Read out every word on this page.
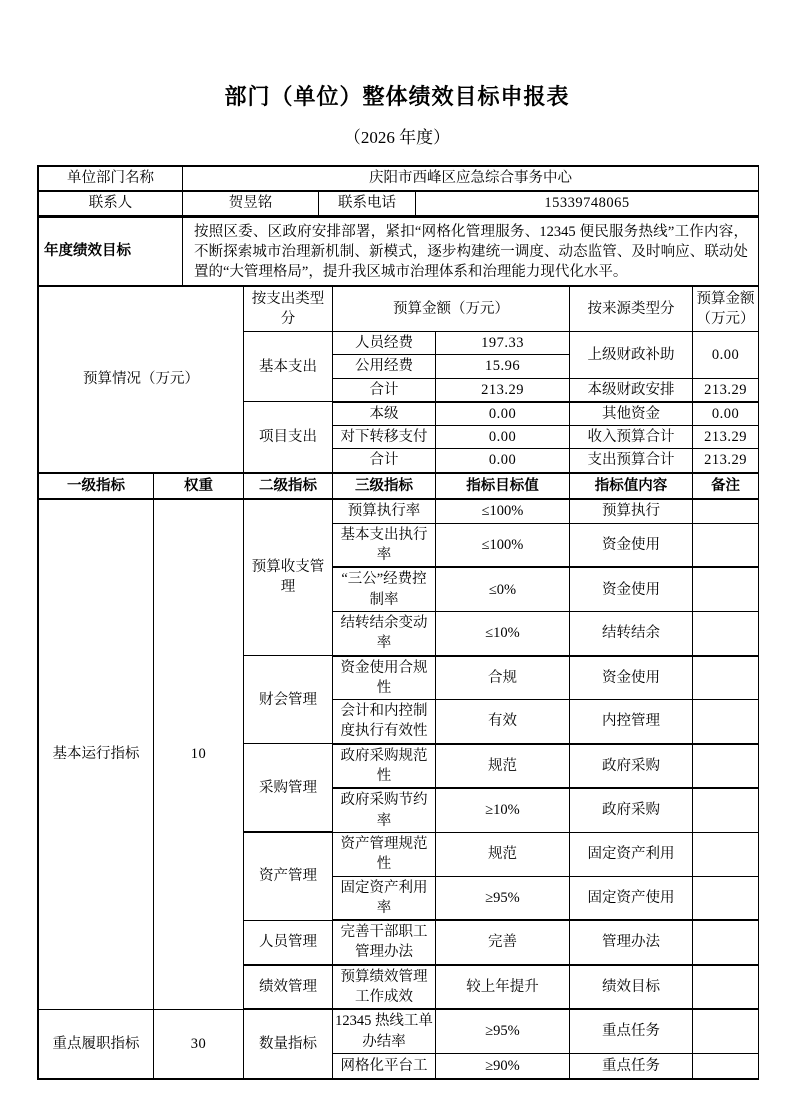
部门（单位）整体绩效目标申报表
（2026 年度）
单位部门名称	庆阳市西峰区应急综合事务中心		
联系人	贺昱铭	联系电话	15339748065
年度绩效目标	按照区委、区政府安排部署，紧扣“网格化管理服务、12345 便民服务热线”工作内容，不断探索城市治理新机制、新模式，逐步构建统一调度、动态监管、及时响应、联动处置的“大管理格局”，提升我区城市治理体系和治理能力现代化水平。
预算情况（万元）	按支出类型分	预算金额（万元）		按来源类型分	预算金额（万元）
	基本支出	人员经费	197.33	上级财政补助	0.00
		公用经费	15.96		
		合计	213.29	本级财政安排	213.29
	项目支出	本级	0.00	其他资金	0.00
		对下转移支付	0.00	收入预算合计	213.29
		合计	0.00	支出预算合计	213.29
一级指标	权重	二级指标	三级指标	指标目标值	指标值内容	备注
基本运行指标	10	预算收支管理	预算执行率	≤100%	预算执行	
			基本支出执行率	≤100%	资金使用	
			“三公”经费控制率	≤0%	资金使用	
			结转结余变动率	≤10%	结转结余	
		财会管理	资金使用合规性	合规	资金使用	
			会计和内控制度执行有效性	有效	内控管理	
		采购管理	政府采购规范性	规范	政府采购	
			政府采购节约率	≥10%	政府采购	
		资产管理	资产管理规范性	规范	固定资产利用	
			固定资产利用率	≥95%	固定资产使用	
		人员管理	完善干部职工管理办法	完善	管理办法	
		绩效管理	预算绩效管理工作成效	较上年提升	绩效目标	
重点履职指标	30	数量指标	12345 热线工单办结率	≥95%	重点任务	
			网格化平台工	≥90%	重点任务	
